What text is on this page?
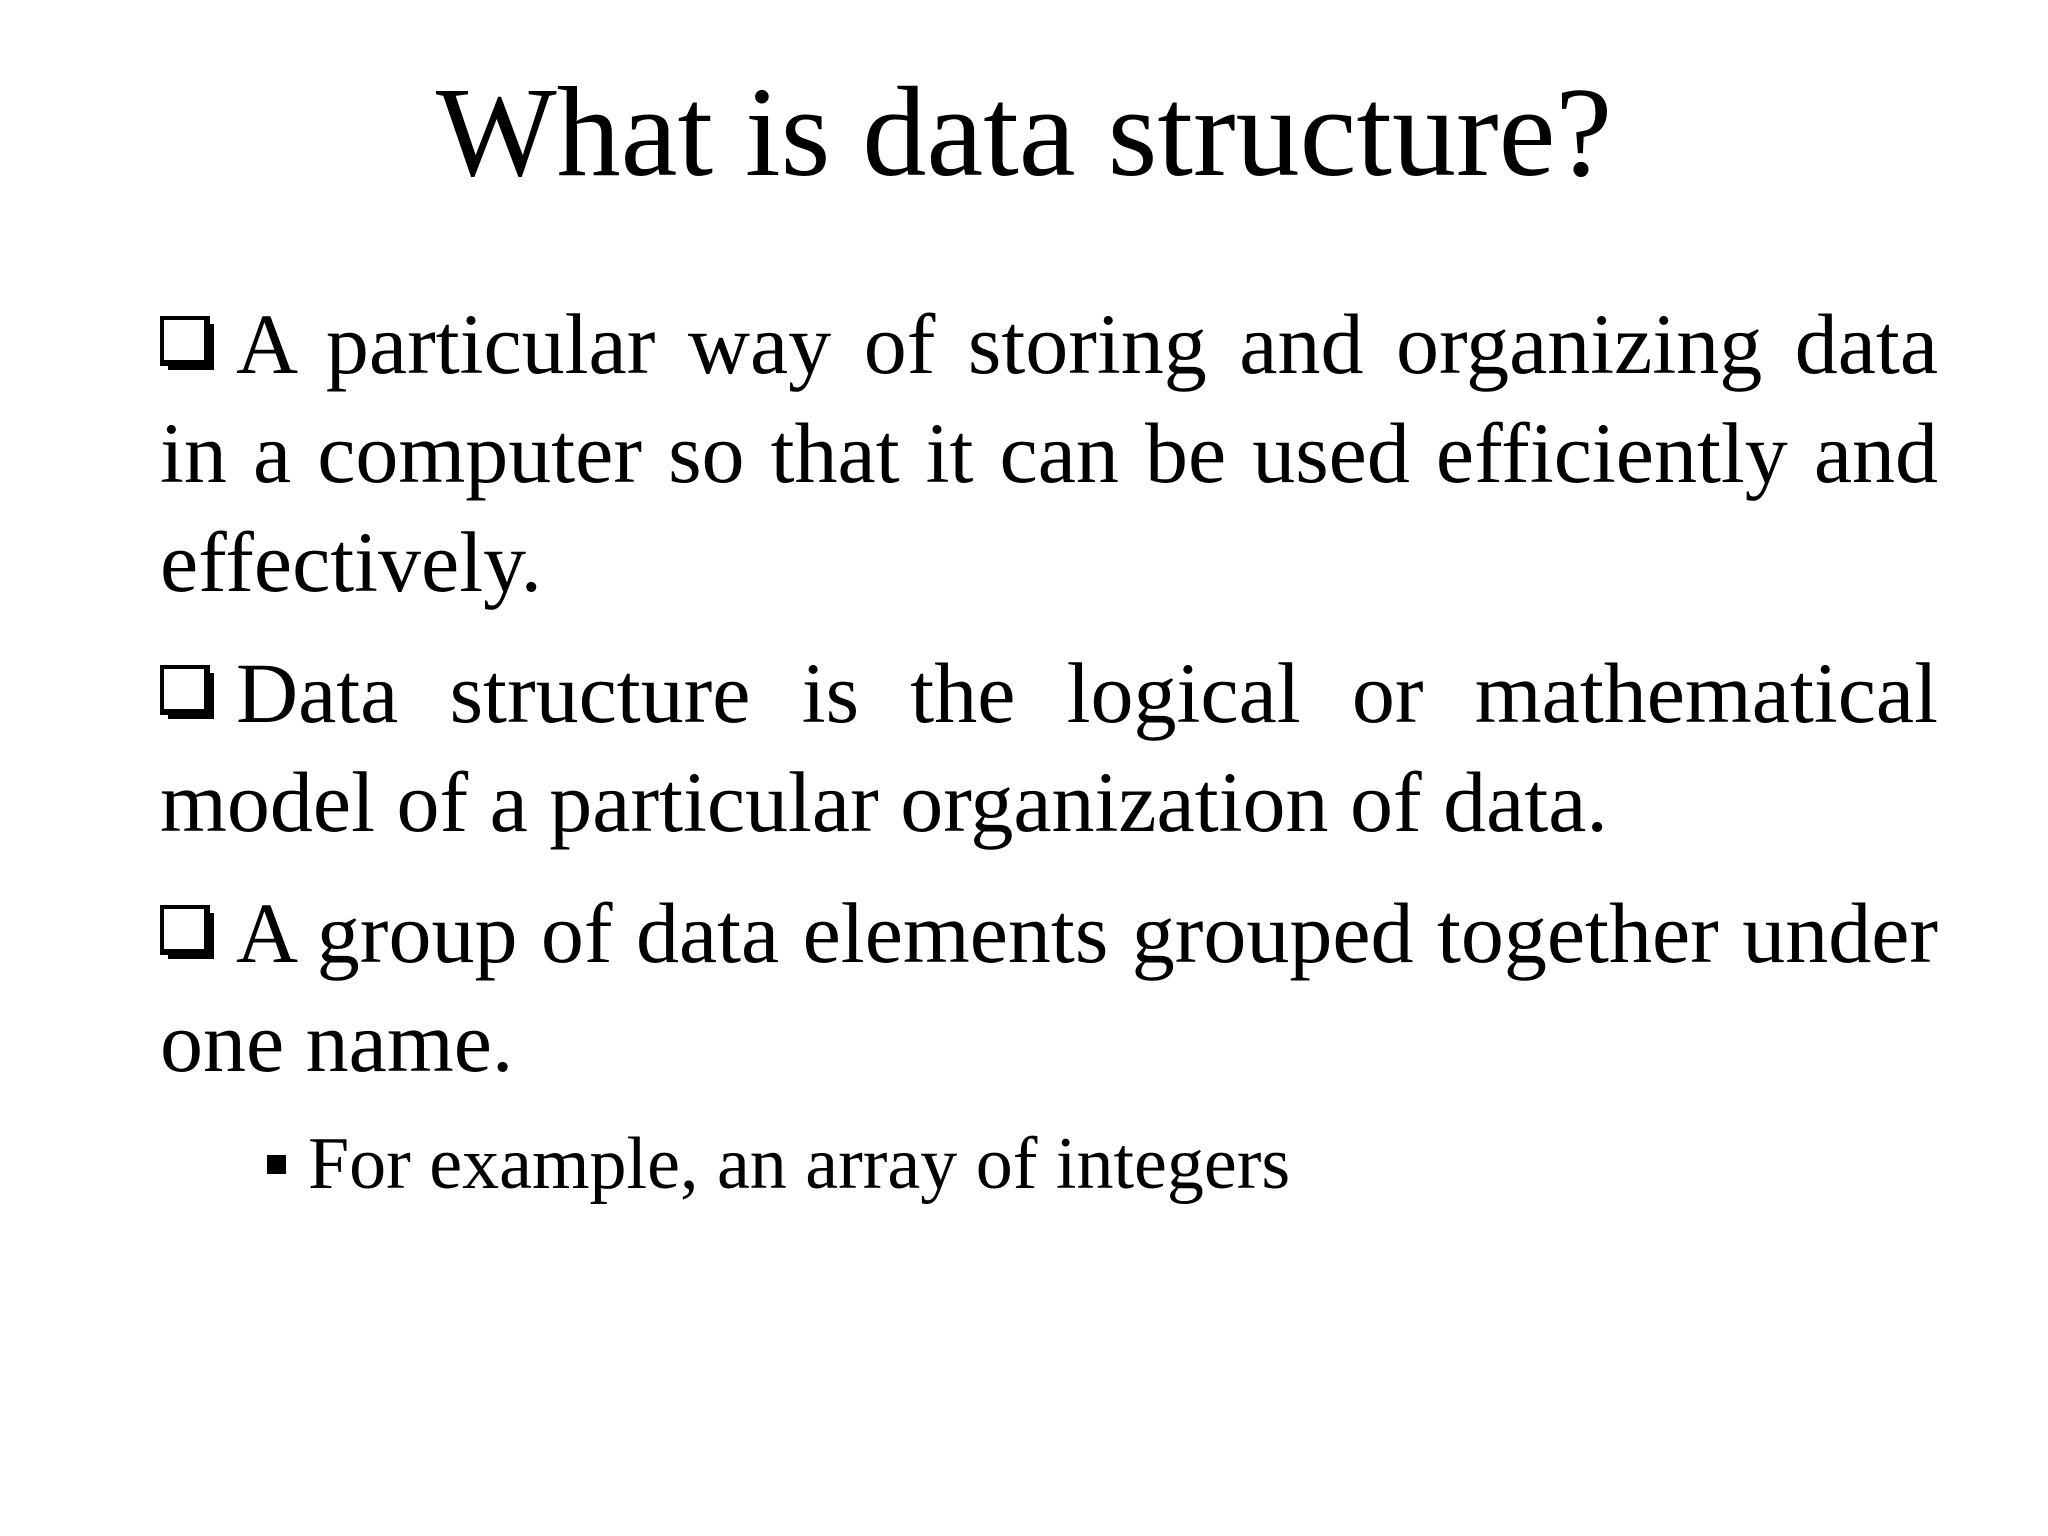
What is data structure?

A particular way of storing and organizing data in a computer so that it can be used efficiently and effectively.

Data structure is the logical or mathematical model of a particular organization of data.

A group of data elements grouped together under one name.

For example, an array of integers
